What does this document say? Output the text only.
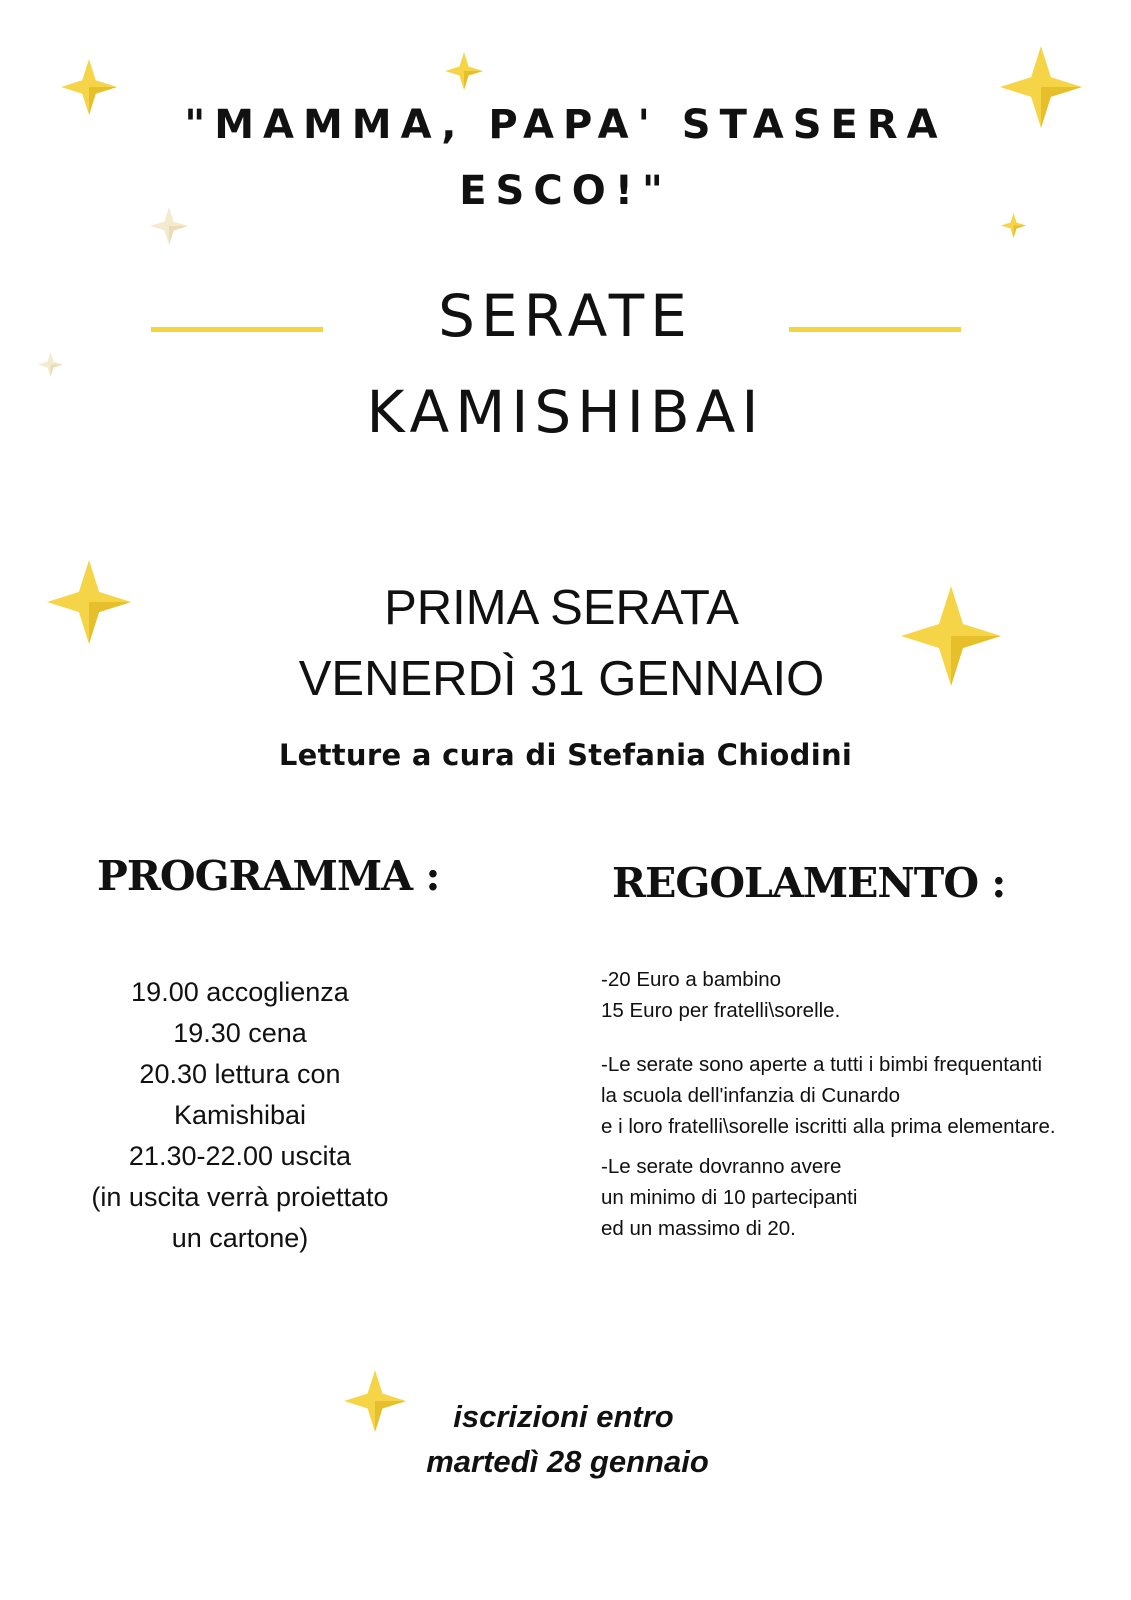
"MAMMA, PAPA' STASERA
ESCO!"
SERATE
KAMISHIBAI

PRIMA SERATA

VENERDÌ 31 GENNAIO

Letture a cura di Stefania Chiodini

PROGRAMMA :	REGOLAMENTO :
19.00 accoglienza
19.30 cena
20.30 lettura con
Kamishibai
21.30-22.00 uscita
(in uscita verrà proiettato
un cartone)
-20 Euro a bambino
15 Euro per fratelli\sorelle.
-Le serate sono aperte a tutti i bimbi frequentanti
la scuola dell'infanzia di Cunardo
e i loro fratelli\sorelle iscritti alla prima elementare.
-Le serate dovranno avere
un minimo di 10 partecipanti
ed un massimo di 20.

iscrizioni entro

martedì 28 gennaio
